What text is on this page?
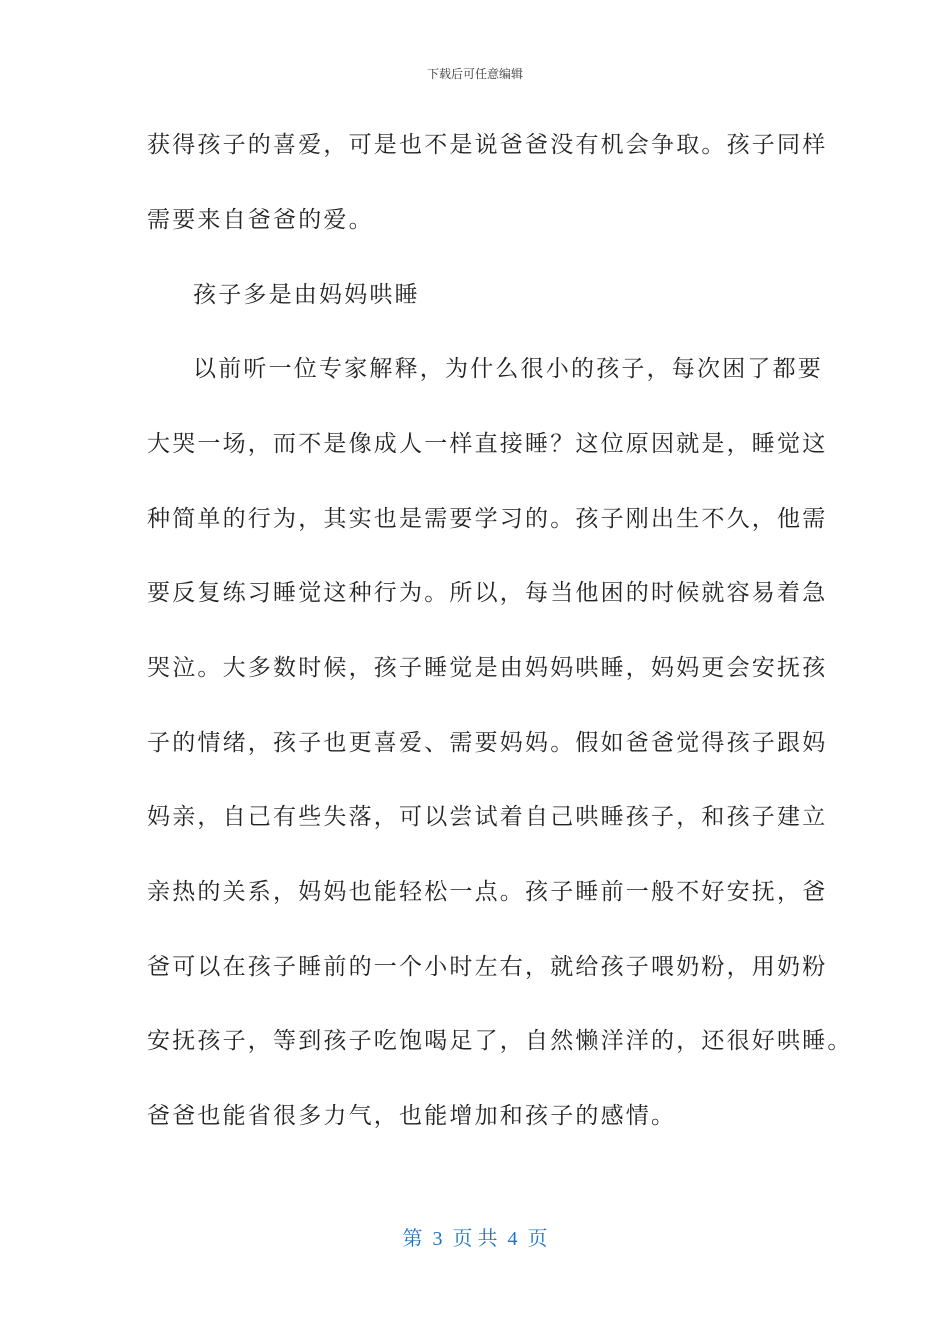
下载后可任意编辑
获得孩子的喜爱，可是也不是说爸爸没有机会争取。孩子同样
需要来自爸爸的爱。
孩子多是由妈妈哄睡
以前听一位专家解释，为什么很小的孩子，每次困了都要
大哭一场，而不是像成人一样直接睡？这位原因就是，睡觉这
种简单的行为，其实也是需要学习的。孩子刚出生不久，他需
要反复练习睡觉这种行为。所以，每当他困的时候就容易着急
哭泣。大多数时候，孩子睡觉是由妈妈哄睡，妈妈更会安抚孩
子的情绪，孩子也更喜爱、需要妈妈。假如爸爸觉得孩子跟妈
妈亲，自己有些失落，可以尝试着自己哄睡孩子，和孩子建立
亲热的关系，妈妈也能轻松一点。孩子睡前一般不好安抚，爸
爸可以在孩子睡前的一个小时左右，就给孩子喂奶粉，用奶粉
安抚孩子，等到孩子吃饱喝足了，自然懒洋洋的，还很好哄睡。
爸爸也能省很多力气，也能增加和孩子的感情。
第  3  页 共  4  页
